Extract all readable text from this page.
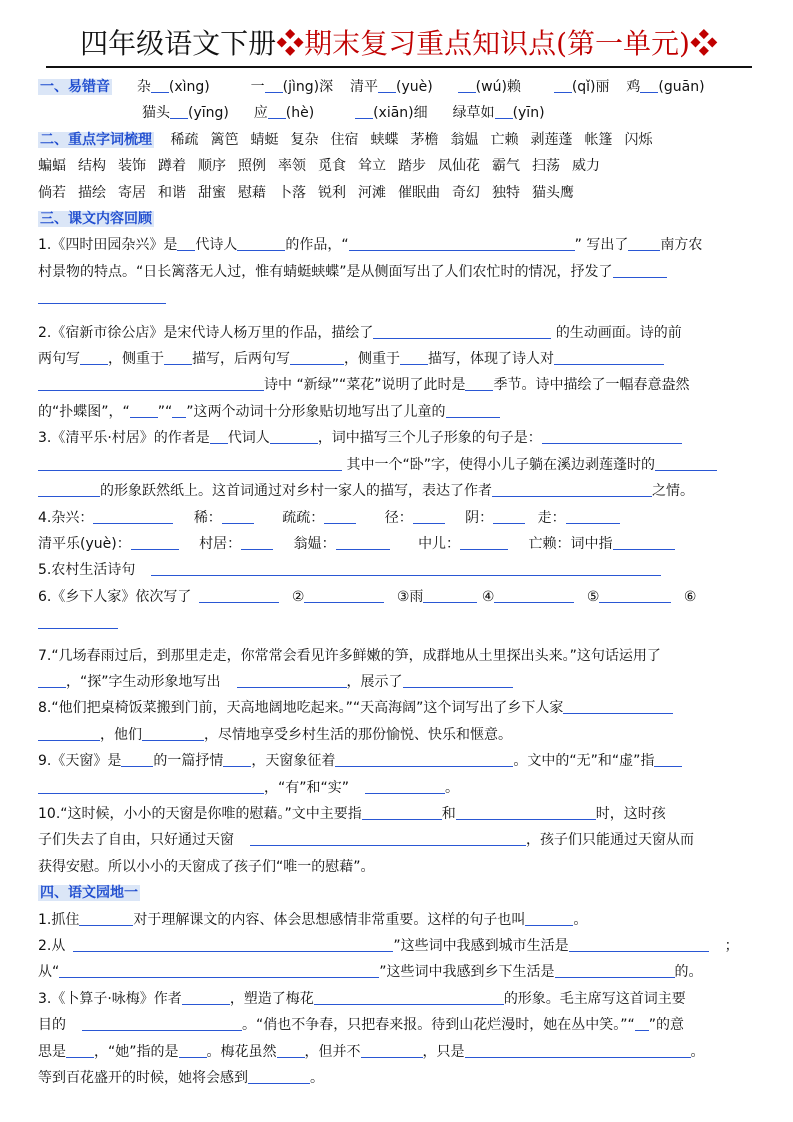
四年级语文下册❖期末复习重点知识点(第一单元)❖
一、易错音 杂 (xìng)	一 (jìng)深 清平 (yuè)	(wú)赖	(qǐ)丽 鸡 (guān)
猫头 (yīng) 应 (hè)	(xiān)细 绿草如 (yīn)
二、重点字词梳理 稀疏 篱笆 蜻蜓 复杂 住宿 蛱蝶 茅檐 翁媪 亡赖 剥莲蓬 帐篷 闪烁
蝙蝠 结构 装饰 蹲着 顺序 照例 率领 觅食 耸立 踏步 凤仙花 霸气 扫荡 威力
倘若 描绘 寄居 和谐 甜蜜 慰藉 卜落 锐利 河滩 催眠曲 奇幻 独特 猫头鹰
三、课文内容回顾
1.《四时田园杂兴》是 代诗人	的作品，“	” 写出了 南方农
村景物的特点。“日长篱落无人过，惟有蜻蜓蛱蝶”是从侧面写出了人们农忙时的情况，抒发了
2.《宿新市徐公店》是宋代诗人杨万里的作品，描绘了	的生动画面。诗的前
两句写 ，侧重于 描写，后两句写	，侧重于 描写，体现了诗人对
诗中 “新绿”“菜花”说明了此时是 季节。诗中描绘了一幅春意盎然
的“扑蝶图”，“ ”“ ”这两个动词十分形象贴切地写出了儿童的
3.《清平乐·村居》的作者是 代词人	，词中描写三个儿子形象的句子是：
其中一个“卧”字，使得小儿子躺在溪边剥莲蓬时的
的形象跃然纸上。这首词通过对乡村一家人的描写，表达了作者	之情。
4.杂兴：	稀：	疏疏：	径：	阴：	走：
清平乐(yuè)：	村居：	翁媪：	中儿：	亡赖：词中指
5.农村生活诗句
6.《乡下人家》依次写了	②	③雨	④	⑤	⑥
7.“几场春雨过后，到那里走走，你常常会看见许多鲜嫩的笋，成群地从土里探出头来。”这句话运用了
，“探”字生动形象地写出	，展示了
8.“他们把桌椅饭菜搬到门前，天高地阔地吃起来。”“天高海阔”这个词写出了乡下人家
，他们	，尽情地享受乡村生活的那份愉悦、快乐和惬意。
9.《天窗》是 的一篇抒情 ，天窗象征着	。文中的“无”和“虚”指
，“有”和“实”	。
10.“这时候，小小的天窗是你唯的慰藉。”文中主要指	和	时，这时孩
子们失去了自由，只好通过天窗	，孩子们只能通过天窗从而
获得安慰。所以小小的天窗成了孩子们“唯一的慰藉”。
四、语文园地一
1.抓住	对于理解课文的内容、体会思想感情非常重要。这样的句子也叫	。
2.从	”这些词中我感到城市生活是	；
从“	”这些词中我感到乡下生活是	的。
3.《卜算子·咏梅》作者	，塑造了梅花	的形象。毛主席写这首词主要
目的	。“俏也不争春，只把春来报。待到山花烂漫时，她在丛中笑。”“ ”的意
思是 ，“她”指的是 。梅花虽然 ，但并不	，只是	。
等到百花盛开的时候，她将会感到	。
